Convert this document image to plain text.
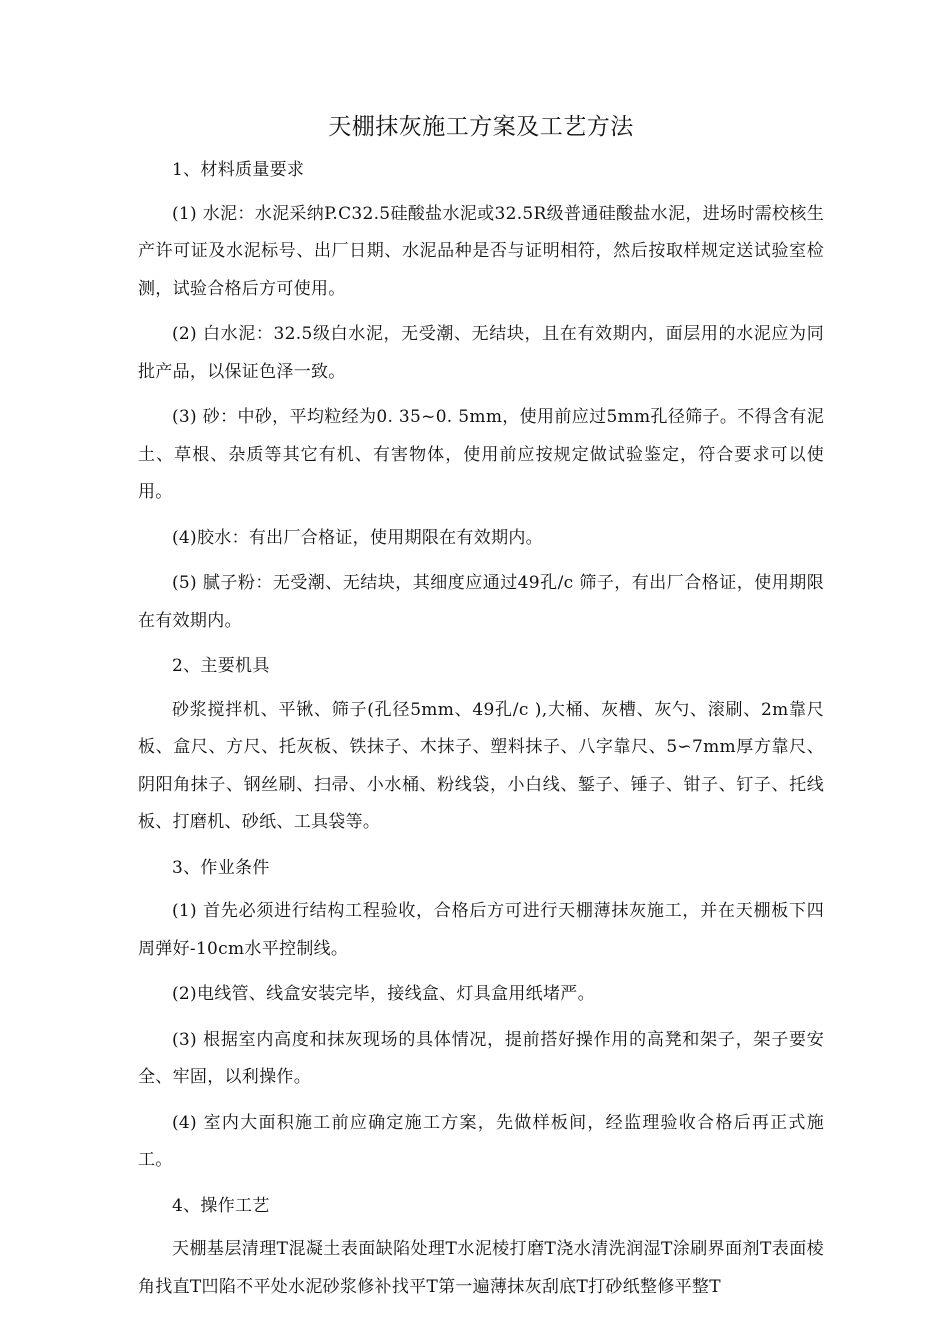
天棚抹灰施工方案及工艺方法

1、材料质量要求

(1) 水泥：水泥采纳P.C32.5硅酸盐水泥或32.5R级普通硅酸盐水泥，进场时需校核生产许可证及水泥标号、出厂日期、水泥品种是否与证明相符，然后按取样规定送试验室检测，试验合格后方可使用。

(2) 白水泥：32.5级白水泥，无受潮、无结块，且在有效期内，面层用的水泥应为同批产品，以保证色泽一致。

(3) 砂：中砂，平均粒经为0. 35~0. 5mm，使用前应过5mm孔径筛子。不得含有泥土、草根、杂质等其它有机、有害物体，使用前应按规定做试验鉴定，符合要求可以使用。

(4)胶水：有出厂合格证，使用期限在有效期内。

(5) 腻子粉：无受潮、无结块，其细度应通过49孔/c 筛子，有出厂合格证，使用期限在有效期内。

2、主要机具

砂浆搅拌机、平锹、筛子(孔径5mm、49孔/c ),大桶、灰槽、灰勺、滚刷、2m靠尺板、盒尺、方尺、托灰板、铁抹子、木抹子、塑料抹子、八字靠尺、5∽7mm厚方靠尺、阴阳角抹子、钢丝刷、扫帚、小水桶、粉线袋，小白线、錾子、锤子、钳子、钉子、托线板、打磨机、砂纸、工具袋等。

3、作业条件

(1) 首先必须进行结构工程验收，合格后方可进行天棚薄抹灰施工，并在天棚板下四周弹好-10cm水平控制线。

(2)电线管、线盒安装完毕，接线盒、灯具盒用纸堵严。

(3) 根据室内高度和抹灰现场的具体情况，提前搭好操作用的高凳和架子，架子要安全、牢固，以利操作。

(4) 室内大面积施工前应确定施工方案，先做样板间，经监理验收合格后再正式施工。

4、操作工艺

天棚基层清理T混凝土表面缺陷处理T水泥棱打磨T浇水清洗润湿T涂刷界面剂T表面棱角找直T凹陷不平处水泥砂浆修补找平T第一遍薄抹灰刮底T打砂纸整修平整T
